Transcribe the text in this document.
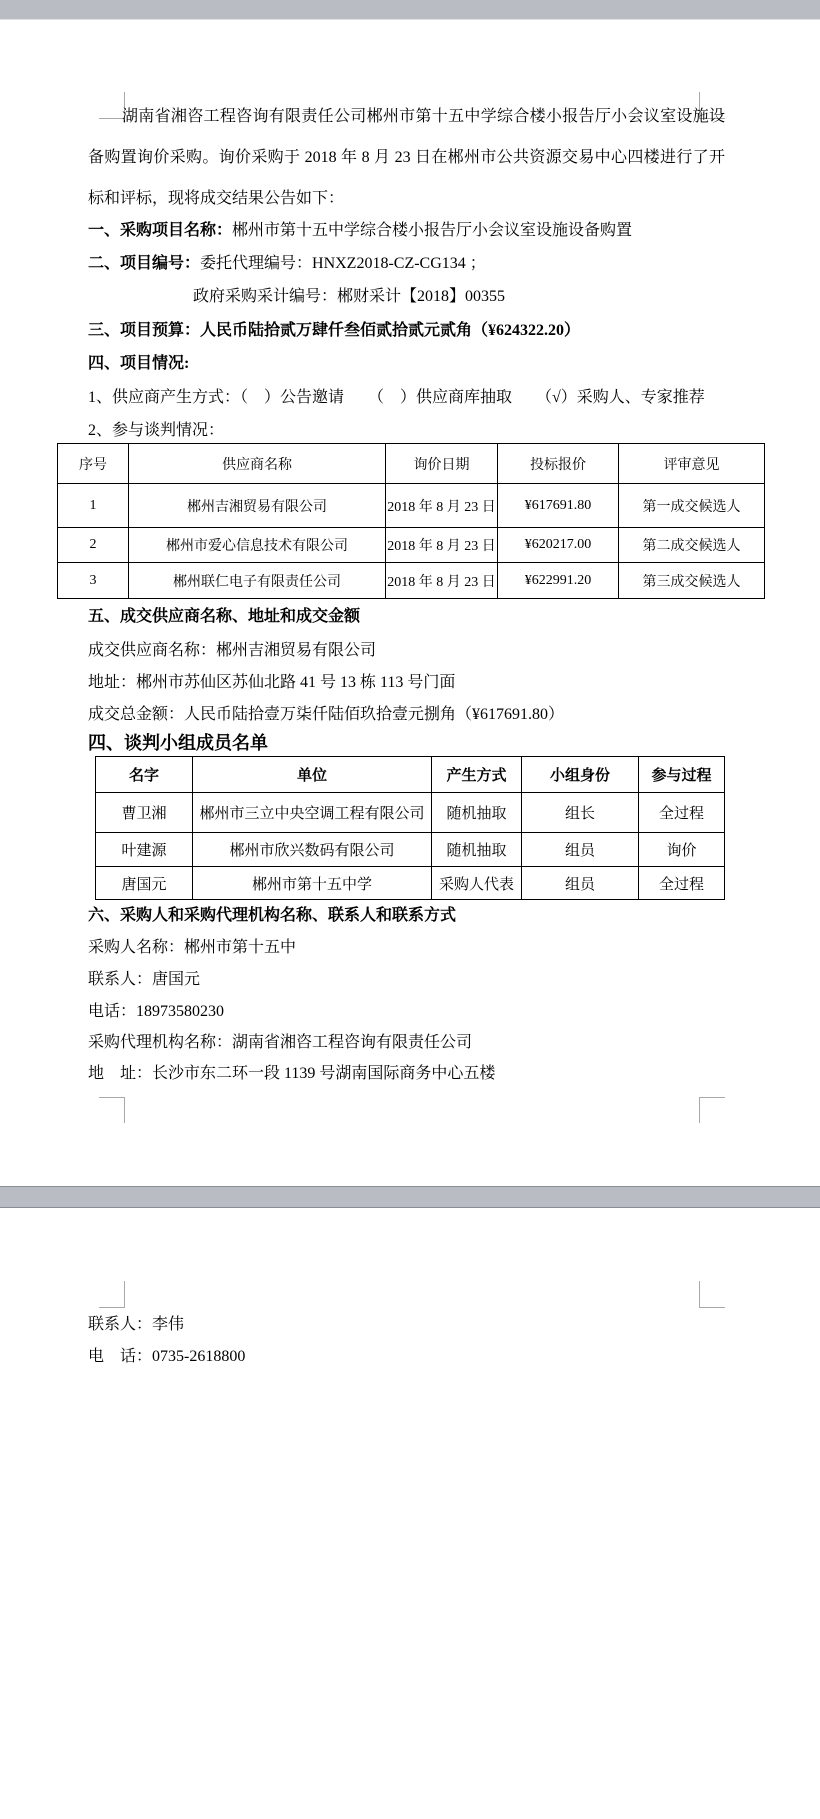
湖南省湘咨工程咨询有限责任公司郴州市第十五中学综合楼小报告厅小会议室设施设备购置询价采购。询价采购于 2018 年 8 月 23 日在郴州市公共资源交易中心四楼进行了开标和评标，现将成交结果公告如下：

一、采购项目名称：郴州市第十五中学综合楼小报告厅小会议室设施设备购置
二、项目编号：委托代理编号：HNXZ2018-CZ-CG134 ；
政府采购采计编号：郴财采计【2018】00355
三、项目预算：人民币陆拾贰万肆仟叁佰贰拾贰元贰角（¥624322.20）
四、项目情况:
1、供应商产生方式：（　）公告邀请　　（　）供应商库抽取　　（√）采购人、专家推荐
2、参与谈判情况：
序号	供应商名称	询价日期	投标报价	评审意见
1	郴州吉湘贸易有限公司	2018 年 8 月 23 日	¥617691.80	第一成交候选人
2	郴州市爱心信息技术有限公司	2018 年 8 月 23 日	¥620217.00	第二成交候选人
3	郴州联仁电子有限责任公司	2018 年 8 月 23 日	¥622991.20	第三成交候选人
五、成交供应商名称、地址和成交金额
成交供应商名称：郴州吉湘贸易有限公司
地址：郴州市苏仙区苏仙北路 41 号 13 栋 113 号门面
成交总金额：人民币陆拾壹万柒仟陆佰玖拾壹元捌角（¥617691.80）
四、谈判小组成员名单
名字	单位	产生方式	小组身份	参与过程
曹卫湘	郴州市三立中央空调工程有限公司	随机抽取	组长	全过程
叶建源	郴州市欣兴数码有限公司	随机抽取	组员	询价
唐国元	郴州市第十五中学	采购人代表	组员	全过程
六、采购人和采购代理机构名称、联系人和联系方式
采购人名称：郴州市第十五中
联系人：唐国元
电话：18973580230
采购代理机构名称：湖南省湘咨工程咨询有限责任公司
地　址：长沙市东二环一段 1139 号湖南国际商务中心五楼
联系人：李伟
电　话：0735-2618800
